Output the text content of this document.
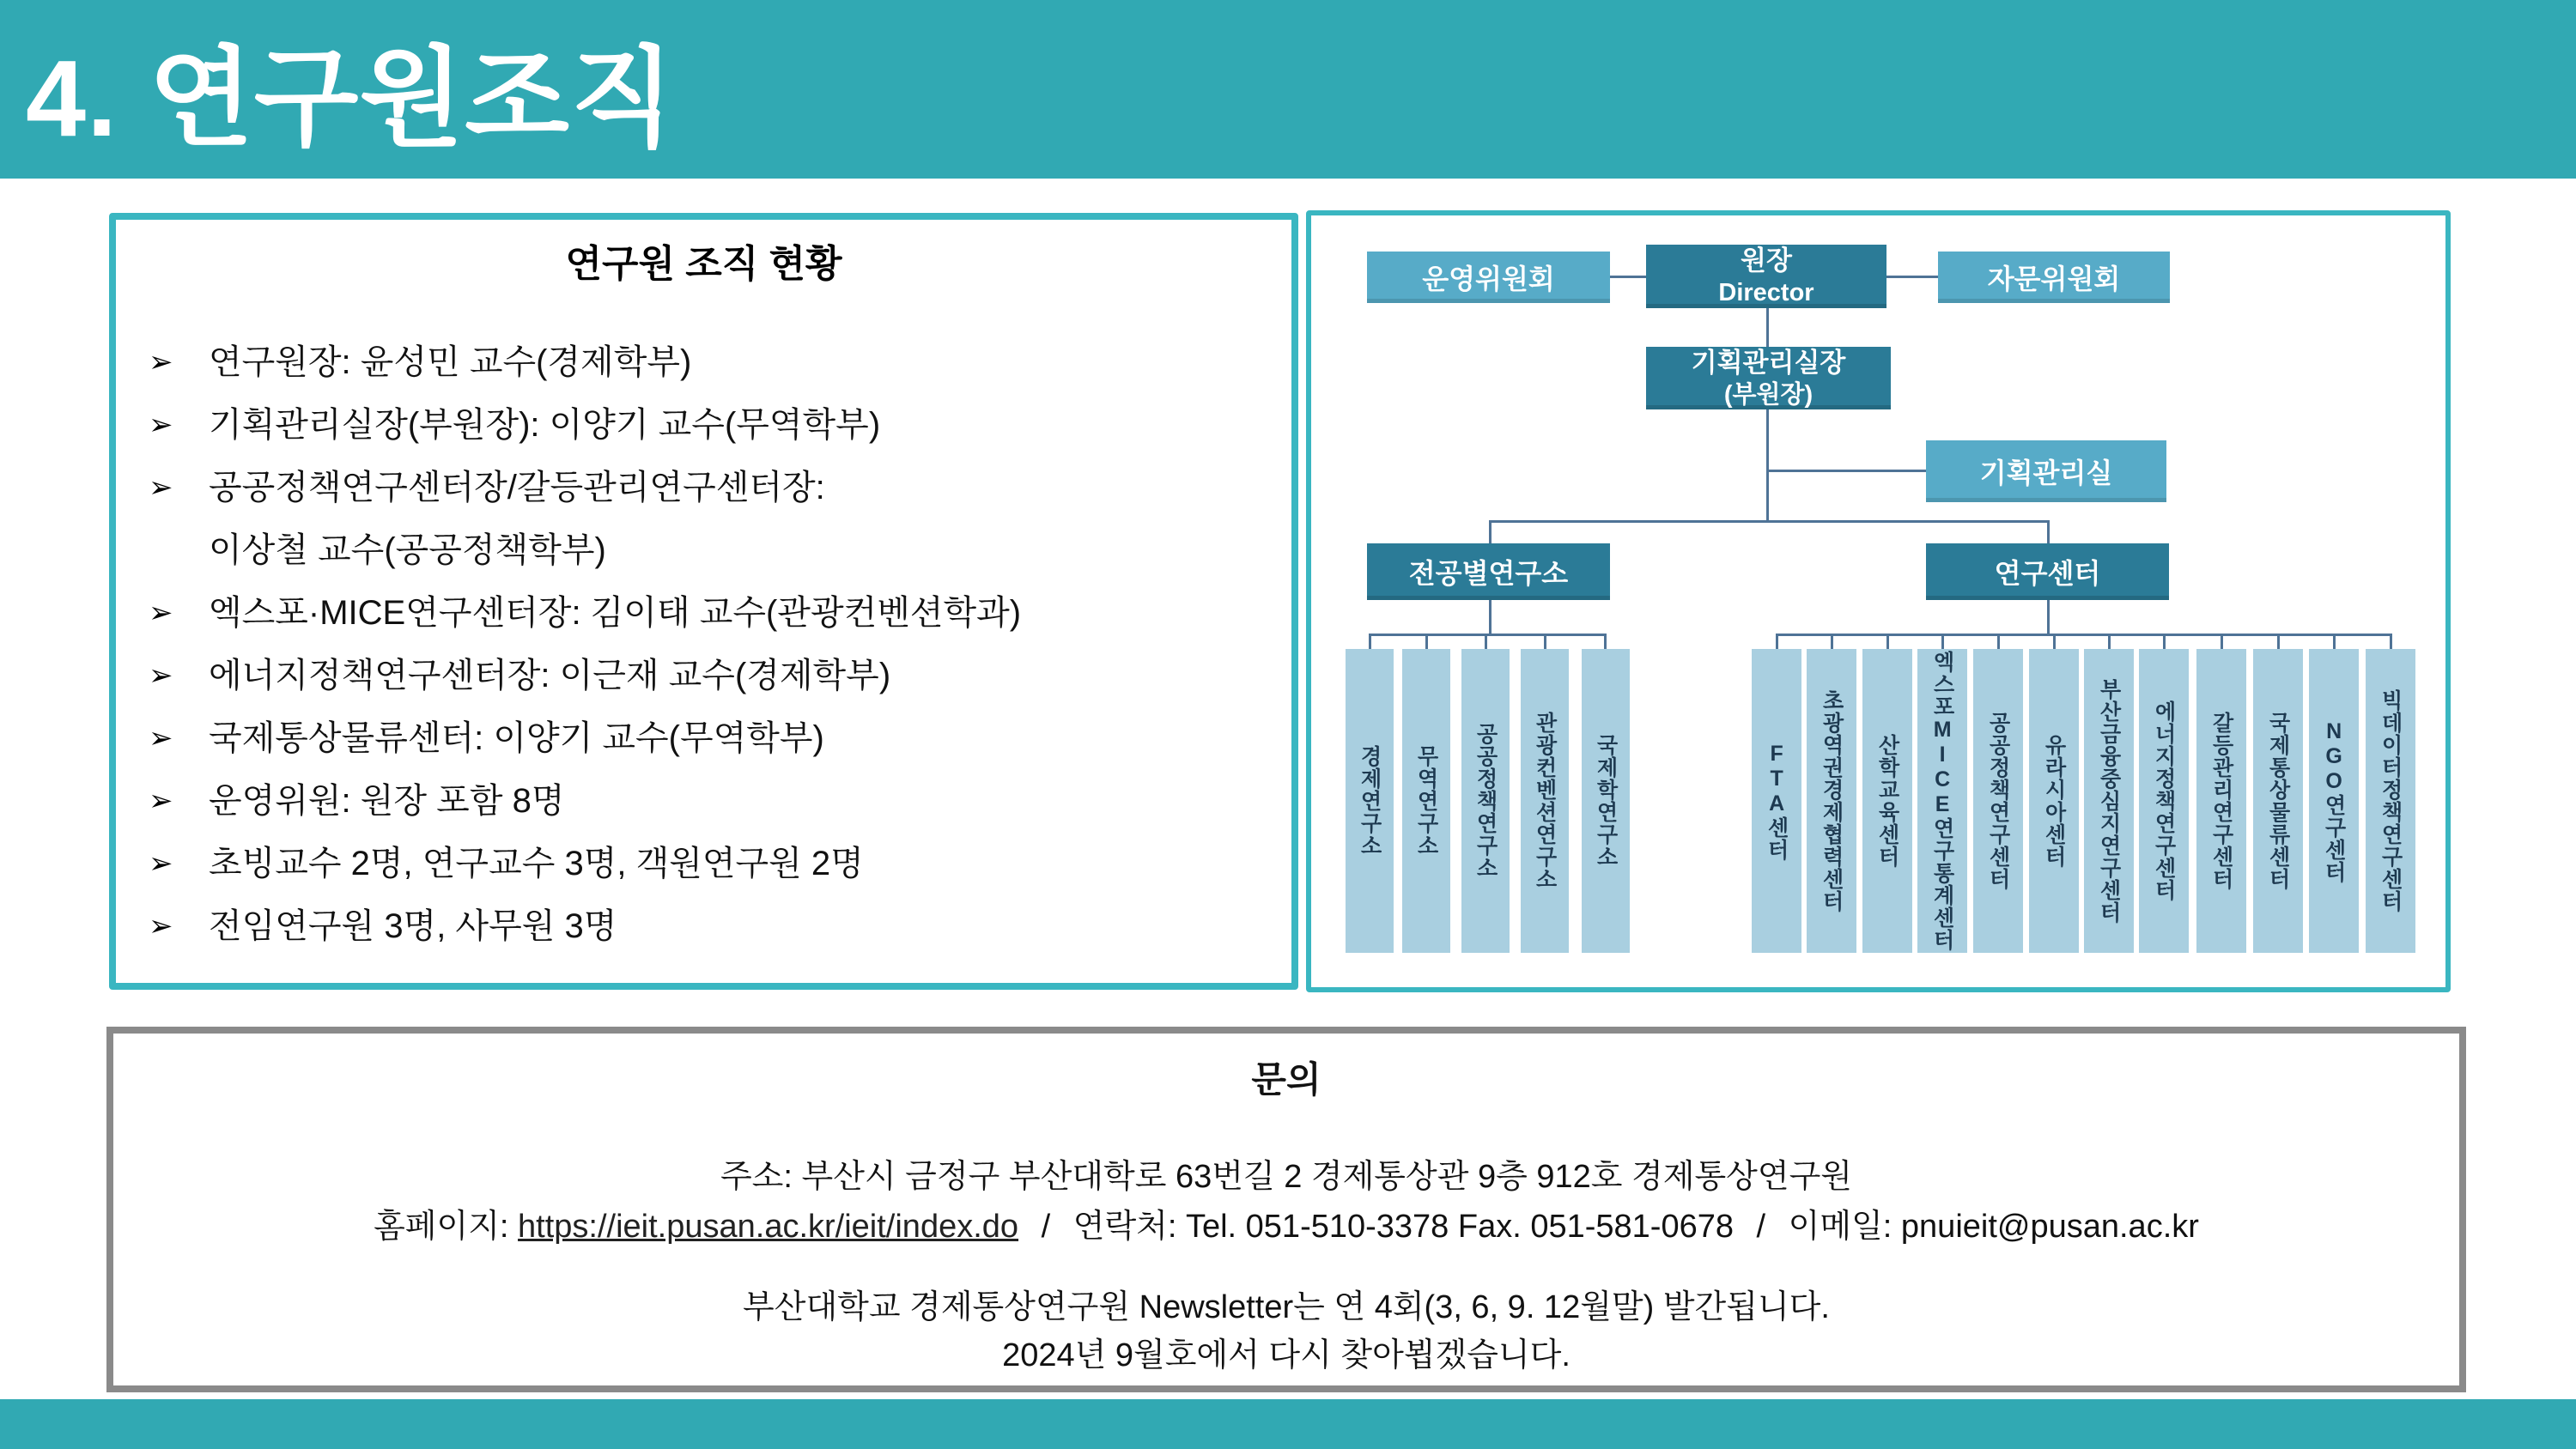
4. 연구원조직
연구원 조직 현황
➢ 연구원장: 윤성민 교수(경제학부)
➢ 기획관리실장(부원장): 이양기 교수(무역학부)
➢ 공공정책연구센터장/갈등관리연구센터장:
이상철 교수(공공정책학부)
➢ 엑스포·MICE연구센터장: 김이태 교수(관광컨벤션학과)
➢ 에너지정책연구센터장: 이근재 교수(경제학부)
➢ 국제통상물류센터: 이양기 교수(무역학부)
➢ 운영위원: 원장 포함 8명
➢ 초빙교수 2명, 연구교수 3명, 객원연구원 2명
➢ 전임연구원 3명, 사무원 3명
운영위원회
원장
Director	자문위원회
기획관리실장
(부원장)
기획관리실
전공별연구소	연구센터
경제연구소	무역연구소	공공정책연구소	관광컨벤션연구소	국제학연구소	FTA센터	초광역권경제협력센터	산학교육센터	엑스포MICE연구통계센터	공공정책연구센터	유라시아센터	부산금융중심지연구센터	에너지정책연구센터	갈등관리연구센터	국제통상물류센터	NGO연구센터	빅데이터정책연구센터
문의
주소: 부산시 금정구 부산대학로 63번길 2 경제통상관 9층 912호 경제통상연구원
홈페이지: https://ieit.pusan.ac.kr/ieit/index.do / 연락처: Tel. 051-510-3378 Fax. 051-581-0678 / 이메일: pnuieit@pusan.ac.kr
부산대학교 경제통상연구원 Newsletter는 연 4회(3, 6, 9. 12월말) 발간됩니다.
2024년 9월호에서 다시 찾아뵙겠습니다.
